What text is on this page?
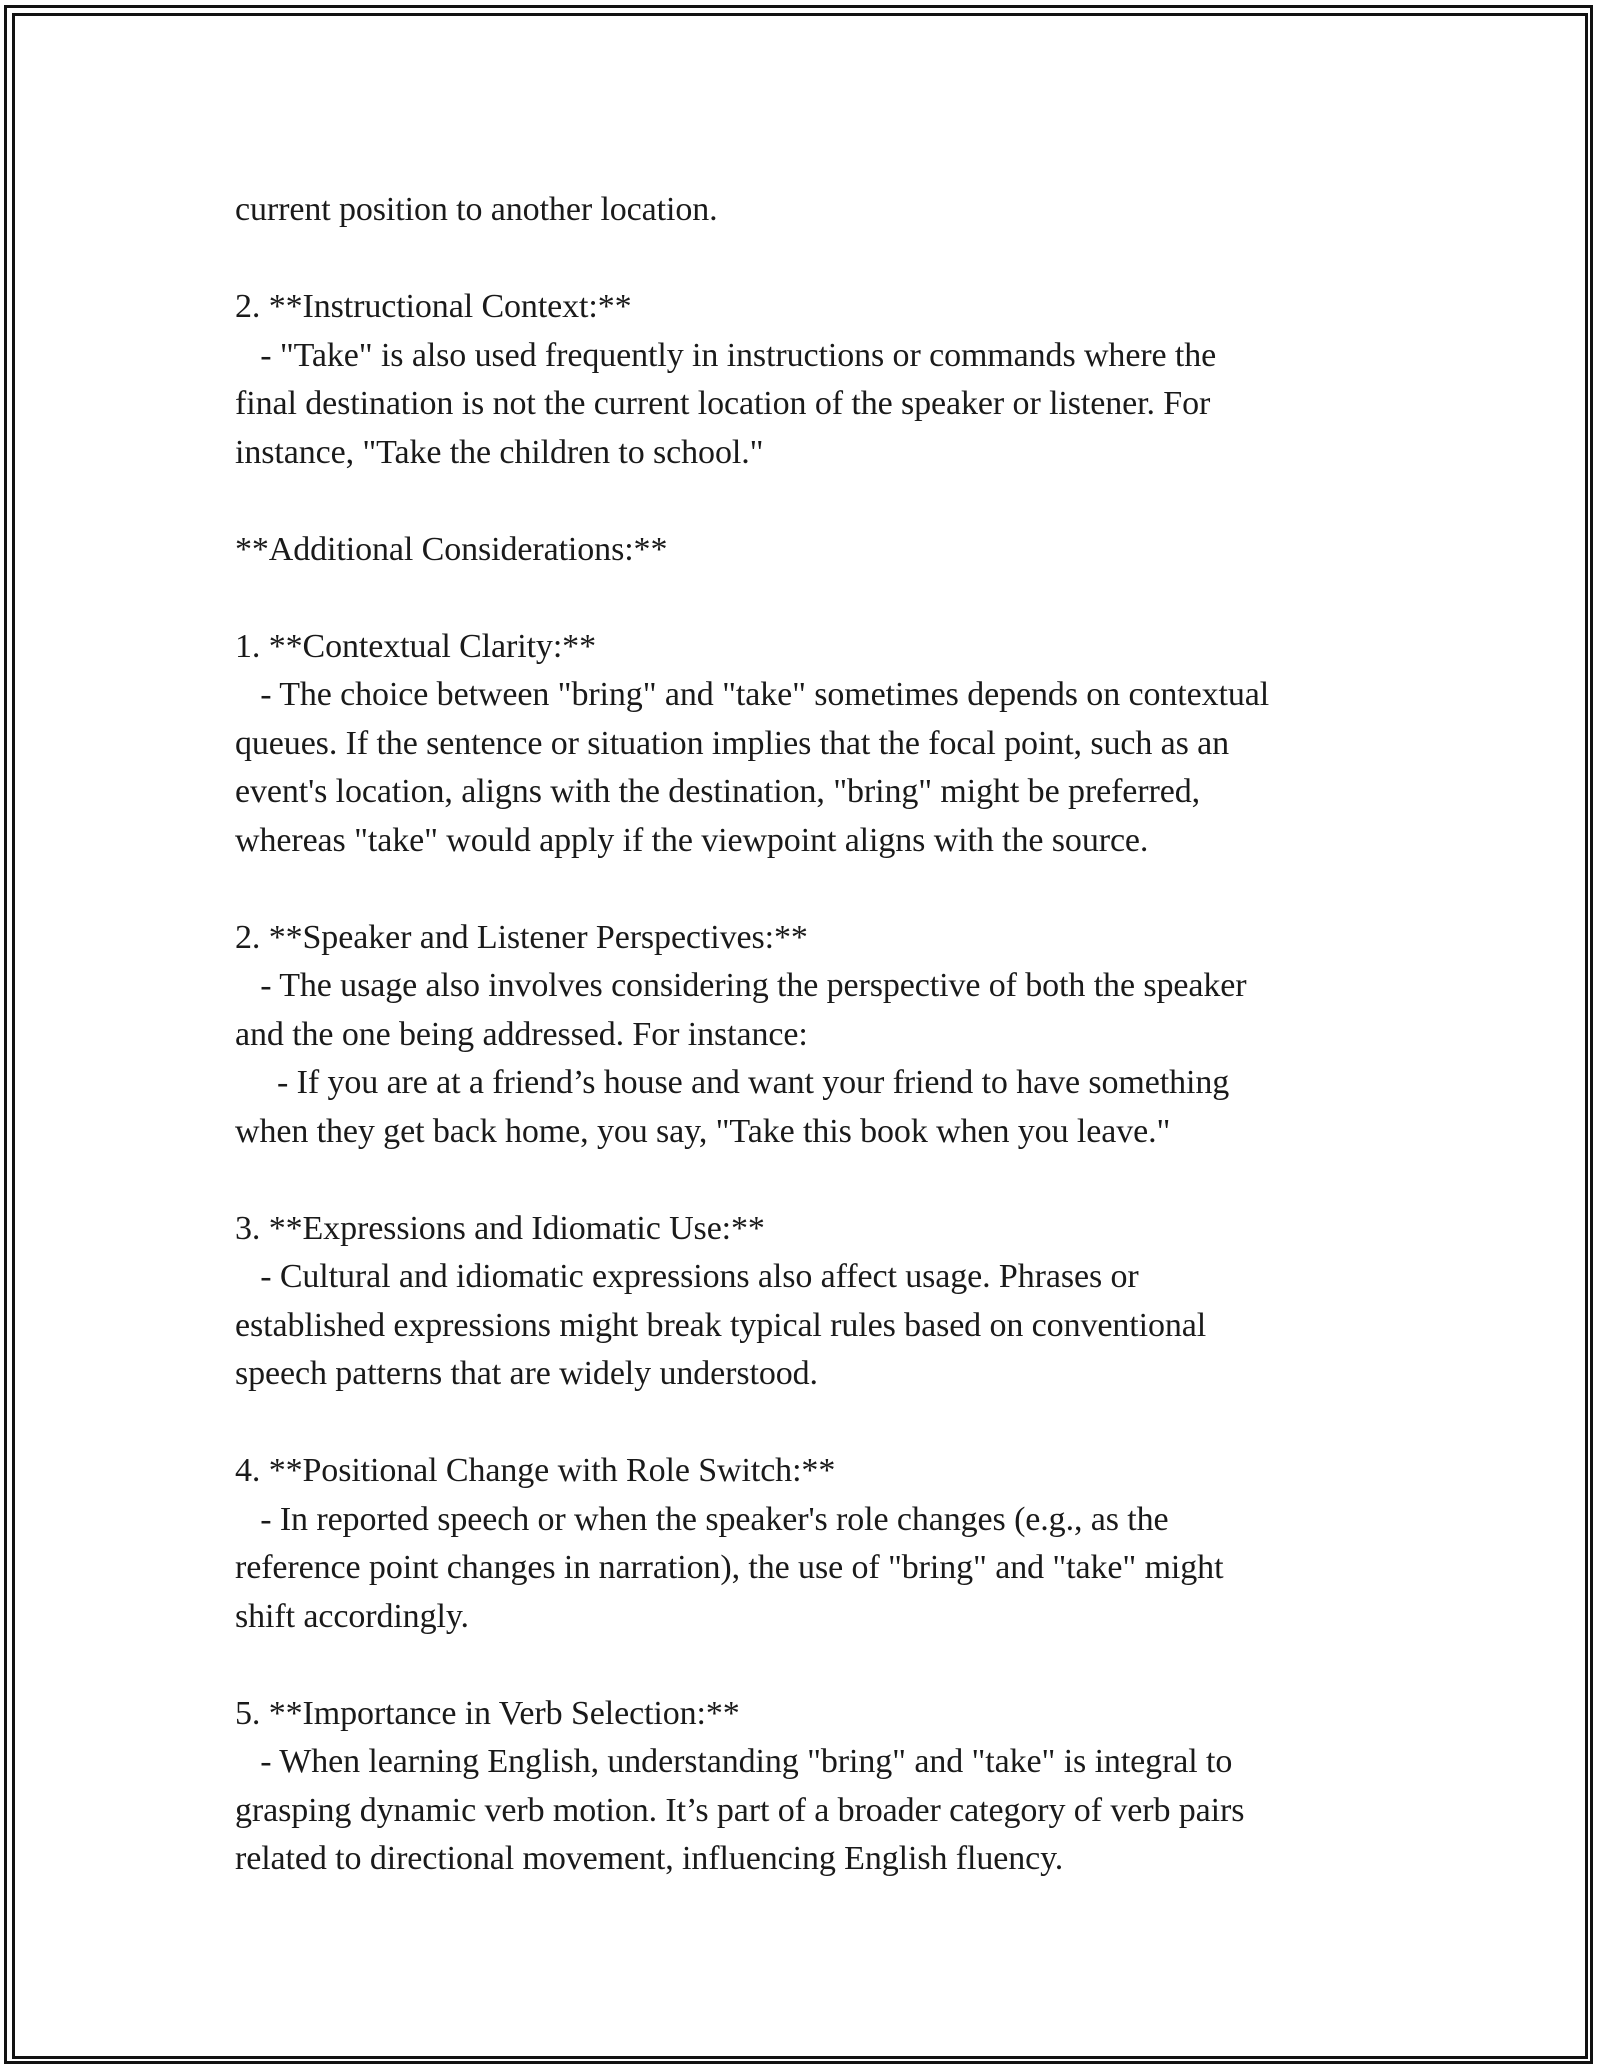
current position to another location.
2. **Instructional Context:**
- "Take" is also used frequently in instructions or commands where the
final destination is not the current location of the speaker or listener. For
instance, "Take the children to school."
**Additional Considerations:**
1. **Contextual Clarity:**
- The choice between "bring" and "take" sometimes depends on contextual
queues. If the sentence or situation implies that the focal point, such as an
event's location, aligns with the destination, "bring" might be preferred,
whereas "take" would apply if the viewpoint aligns with the source.
2. **Speaker and Listener Perspectives:**
- The usage also involves considering the perspective of both the speaker
and the one being addressed. For instance:
- If you are at a friend’s house and want your friend to have something
when they get back home, you say, "Take this book when you leave."
3. **Expressions and Idiomatic Use:**
- Cultural and idiomatic expressions also affect usage. Phrases or
established expressions might break typical rules based on conventional
speech patterns that are widely understood.
4. **Positional Change with Role Switch:**
- In reported speech or when the speaker's role changes (e.g., as the
reference point changes in narration), the use of "bring" and "take" might
shift accordingly.
5. **Importance in Verb Selection:**
- When learning English, understanding "bring" and "take" is integral to
grasping dynamic verb motion. It’s part of a broader category of verb pairs
related to directional movement, influencing English fluency.
